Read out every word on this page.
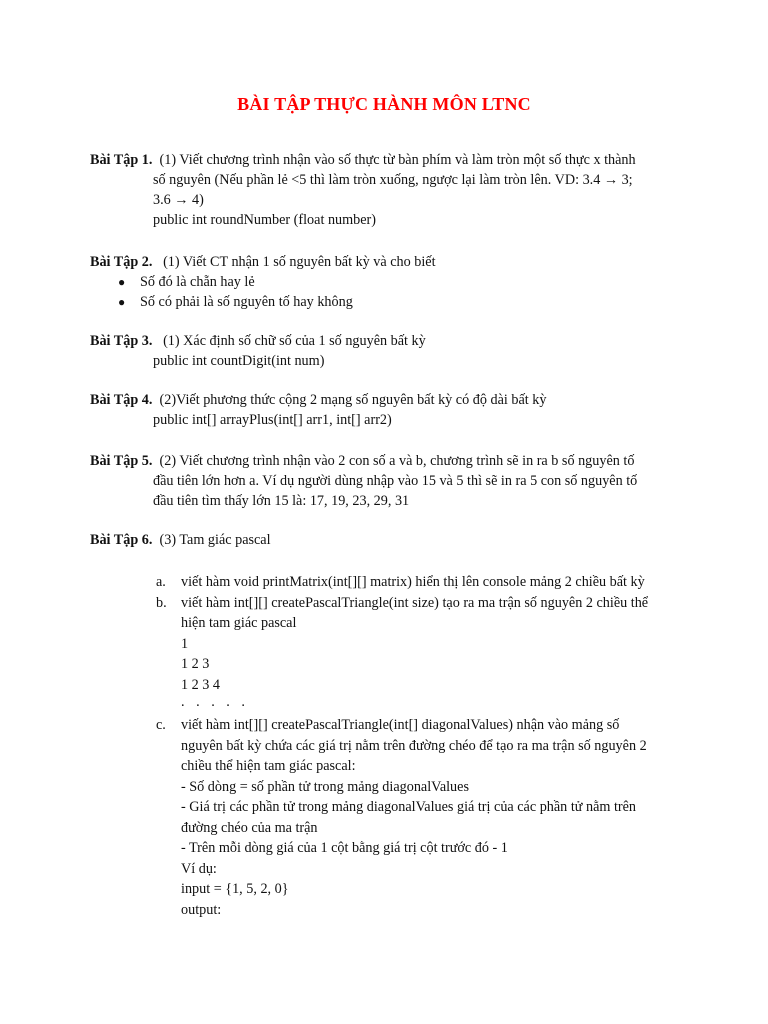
BÀI TẬP THỰC HÀNH MÔN LTNC
Bài Tập 1. (1) Viết chương trình nhận vào số thực từ bàn phím và làm tròn một số thực x thành
số nguyên (Nếu phần lẻ <5 thì làm tròn xuống, ngược lại làm tròn lên. VD: 3.4 → 3;
3.6 → 4)
public int roundNumber (float number)
Bài Tập 2. (1) Viết CT nhận 1 số nguyên bất kỳ và cho biết
● Số đó là chẵn hay lẻ
● Số có phải là số nguyên tố hay không
Bài Tập 3. (1) Xác định số chữ số của 1 số nguyên bất kỳ
public int countDigit(int num)
Bài Tập 4. (2)Viết phương thức cộng 2 mạng số nguyên bất kỳ có độ dài bất kỳ
public int[] arrayPlus(int[] arr1, int[] arr2)
Bài Tập 5. (2) Viết chương trình nhận vào 2 con số a và b, chương trình sẽ in ra b số nguyên tố
đầu tiên lớn hơn a. Ví dụ người dùng nhập vào 15 và 5 thì sẽ in ra 5 con số nguyên tố
đầu tiên tìm thấy lớn 15 là: 17, 19, 23, 29, 31
Bài Tập 6. (3) Tam giác pascal
a. viết hàm void printMatrix(int[][] matrix) hiển thị lên console mảng 2 chiều bất kỳ
b. viết hàm int[][] createPascalTriangle(int size) tạo ra ma trận số nguyên 2 chiều thể
hiện tam giác pascal
1
1 2 3
1 2 3 4
. . . . .
c. viết hàm int[][] createPascalTriangle(int[] diagonalValues) nhận vào mảng số
nguyên bất kỳ chứa các giá trị nằm trên đường chéo để tạo ra ma trận số nguyên 2
chiều thể hiện tam giác pascal:
- Số dòng = số phần tử trong mảng diagonalValues
- Giá trị các phần tử trong mảng diagonalValues giá trị của các phần tử nằm trên
đường chéo của ma trận
- Trên mỗi dòng giá của 1 cột bằng giá trị cột trước đó - 1
Ví dụ:
input = {1, 5, 2, 0}
output:
